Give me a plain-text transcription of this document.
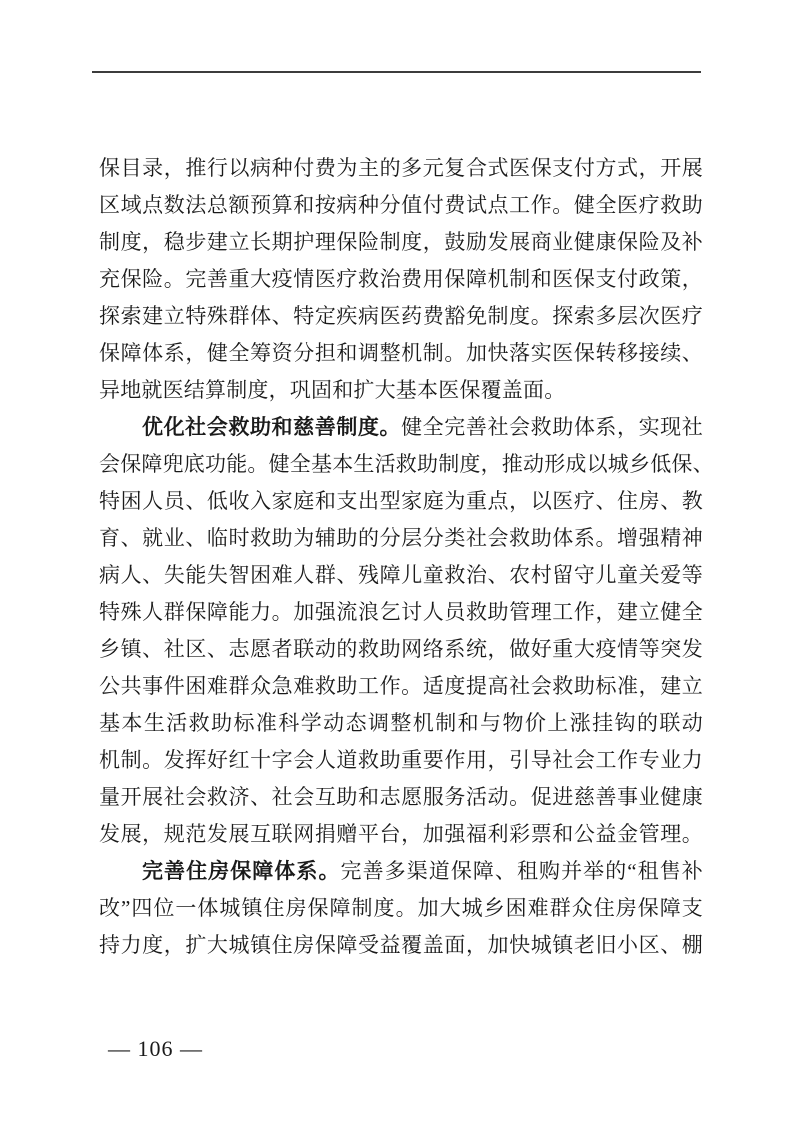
保目录，推行以病种付费为主的多元复合式医保支付方式，开展
区域点数法总额预算和按病种分值付费试点工作。健全医疗救助
制度，稳步建立长期护理保险制度，鼓励发展商业健康保险及补
充保险。完善重大疫情医疗救治费用保障机制和医保支付政策，
探索建立特殊群体、特定疾病医药费豁免制度。探索多层次医疗
保障体系，健全筹资分担和调整机制。加快落实医保转移接续、
异地就医结算制度，巩固和扩大基本医保覆盖面。
优化社会救助和慈善制度。健全完善社会救助体系，实现社
会保障兜底功能。健全基本生活救助制度，推动形成以城乡低保、
特困人员、低收入家庭和支出型家庭为重点，以医疗、住房、教
育、就业、临时救助为辅助的分层分类社会救助体系。增强精神
病人、失能失智困难人群、残障儿童救治、农村留守儿童关爱等
特殊人群保障能力。加强流浪乞讨人员救助管理工作，建立健全
乡镇、社区、志愿者联动的救助网络系统，做好重大疫情等突发
公共事件困难群众急难救助工作。适度提高社会救助标准，建立
基本生活救助标准科学动态调整机制和与物价上涨挂钩的联动
机制。发挥好红十字会人道救助重要作用，引导社会工作专业力
量开展社会救济、社会互助和志愿服务活动。促进慈善事业健康
发展，规范发展互联网捐赠平台，加强福利彩票和公益金管理。
完善住房保障体系。完善多渠道保障、租购并举的“租售补
改”四位一体城镇住房保障制度。加大城乡困难群众住房保障支
持力度，扩大城镇住房保障受益覆盖面，加快城镇老旧小区、棚
— 106 —
